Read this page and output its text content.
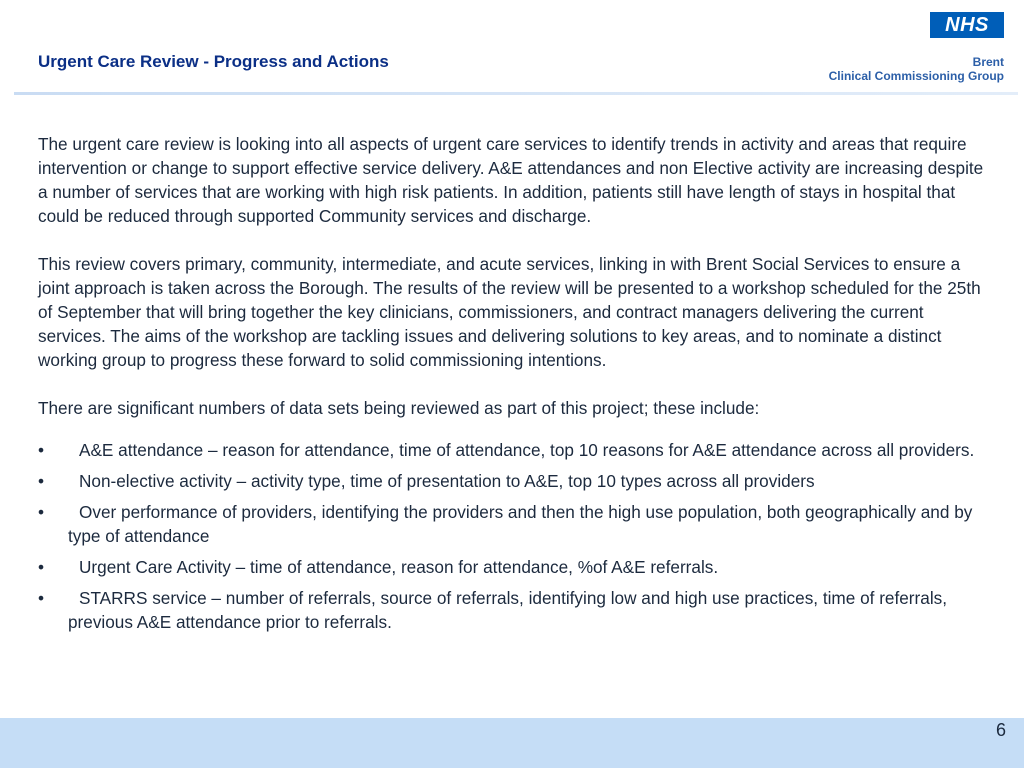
Urgent Care Review - Progress and Actions
NHS
Brent
Clinical Commissioning Group

The urgent care review is looking into all aspects of urgent care services to identify trends in activity and areas that require intervention or change to support effective service delivery. A&E attendances and non Elective activity are increasing despite a number of services that are working with high risk patients. In addition, patients still have length of stays in hospital that could be reduced through supported Community services and discharge.

This review covers primary, community, intermediate, and acute services, linking in with Brent Social Services to ensure a joint approach is taken across the Borough. The results of the review will be presented to a workshop scheduled for the 25th of September that will bring together the key clinicians, commissioners, and contract managers delivering the current services. The aims of the workshop are tackling issues and delivering solutions to key areas, and to nominate a distinct working group to progress these forward to solid commissioning intentions.

There are significant numbers of data sets being reviewed as part of this project; these include:

•	A&E attendance – reason for attendance, time of attendance, top 10 reasons for A&E attendance across all providers.
•	Non-elective activity – activity type, time of presentation to A&E, top 10 types across all providers
•	Over performance of providers, identifying the providers and then the high use population, both geographically and by type of attendance
•	Urgent Care Activity – time of attendance, reason for attendance, %of A&E referrals.
•	STARRS service – number of referrals, source of referrals, identifying low and high use practices, time of referrals, previous A&E attendance prior to referrals.
6
